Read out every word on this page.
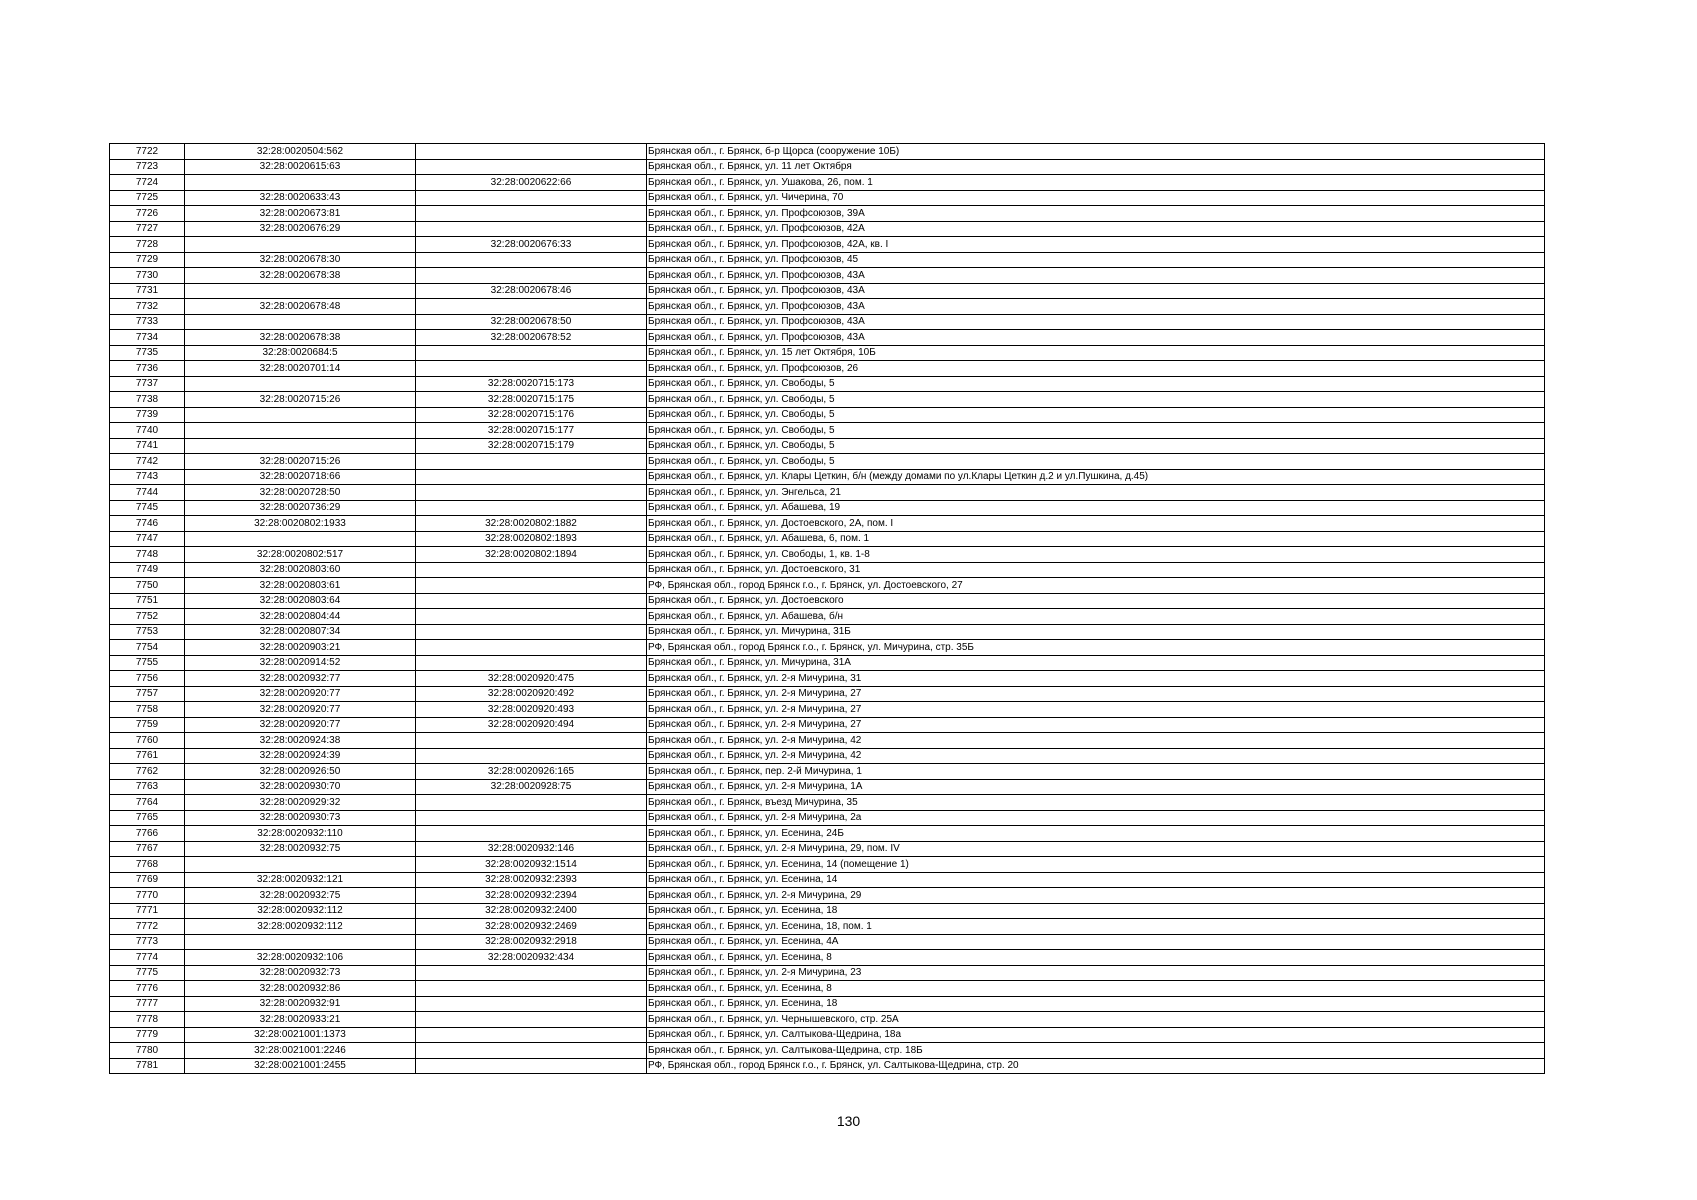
7722	32:28:0020504:562		Брянская обл., г. Брянск, б-р Щорса (сооружение 10Б)
7723	32:28:0020615:63		Брянская обл., г. Брянск, ул. 11 лет Октября
7724		32:28:0020622:66	Брянская обл., г. Брянск, ул. Ушакова, 26, пом. 1
7725	32:28:0020633:43		Брянская обл., г. Брянск, ул. Чичерина, 70
7726	32:28:0020673:81		Брянская обл., г. Брянск, ул. Профсоюзов, 39А
7727	32:28:0020676:29		Брянская обл., г. Брянск, ул. Профсоюзов, 42А
7728		32:28:0020676:33	Брянская обл., г. Брянск, ул. Профсоюзов, 42А, кв. I
7729	32:28:0020678:30		Брянская обл., г. Брянск, ул. Профсоюзов, 45
7730	32:28:0020678:38		Брянская обл., г. Брянск, ул. Профсоюзов, 43А
7731		32:28:0020678:46	Брянская обл., г. Брянск, ул. Профсоюзов, 43А
7732	32:28:0020678:48		Брянская обл., г. Брянск, ул. Профсоюзов, 43А
7733		32:28:0020678:50	Брянская обл., г. Брянск, ул. Профсоюзов, 43А
7734	32:28:0020678:38	32:28:0020678:52	Брянская обл., г. Брянск, ул. Профсоюзов, 43А
7735	32:28:0020684:5		Брянская обл., г. Брянск, ул. 15 лет Октября, 10Б
7736	32:28:0020701:14		Брянская обл., г. Брянск, ул. Профсоюзов, 26
7737		32:28:0020715:173	Брянская обл., г. Брянск, ул. Свободы, 5
7738	32:28:0020715:26	32:28:0020715:175	Брянская обл., г. Брянск, ул. Свободы, 5
7739		32:28:0020715:176	Брянская обл., г. Брянск, ул. Свободы, 5
7740		32:28:0020715:177	Брянская обл., г. Брянск, ул. Свободы, 5
7741		32:28:0020715:179	Брянская обл., г. Брянск, ул. Свободы, 5
7742	32:28:0020715:26		Брянская обл., г. Брянск, ул. Свободы, 5
7743	32:28:0020718:66		Брянская обл., г. Брянск, ул. Клары Цеткин, б/н (между домами по ул.Клары Цеткин д.2 и ул.Пушкина, д.45)
7744	32:28:0020728:50		Брянская обл., г. Брянск, ул. Энгельса, 21
7745	32:28:0020736:29		Брянская обл., г. Брянск, ул. Абашева, 19
7746	32:28:0020802:1933	32:28:0020802:1882	Брянская обл., г. Брянск, ул. Достоевского, 2А, пом. I
7747		32:28:0020802:1893	Брянская обл., г. Брянск, ул. Абашева, 6, пом. 1
7748	32:28:0020802:517	32:28:0020802:1894	Брянская обл., г. Брянск, ул. Свободы, 1, кв. 1-8
7749	32:28:0020803:60		Брянская обл., г. Брянск, ул. Достоевского, 31
7750	32:28:0020803:61		РФ, Брянская обл., город Брянск г.о., г. Брянск, ул. Достоевского, 27
7751	32:28:0020803:64		Брянская обл., г. Брянск, ул. Достоевского
7752	32:28:0020804:44		Брянская обл., г. Брянск, ул. Абашева, б/н
7753	32:28:0020807:34		Брянская обл., г. Брянск, ул. Мичурина, 31Б
7754	32:28:0020903:21		РФ, Брянская обл., город Брянск г.о., г. Брянск, ул. Мичурина, стр. 35Б
7755	32:28:0020914:52		Брянская обл., г. Брянск, ул. Мичурина, 31А
7756	32:28:0020932:77	32:28:0020920:475	Брянская обл., г. Брянск, ул. 2-я Мичурина, 31
7757	32:28:0020920:77	32:28:0020920:492	Брянская обл., г. Брянск, ул. 2-я Мичурина, 27
7758	32:28:0020920:77	32:28:0020920:493	Брянская обл., г. Брянск, ул. 2-я Мичурина, 27
7759	32:28:0020920:77	32:28:0020920:494	Брянская обл., г. Брянск, ул. 2-я Мичурина, 27
7760	32:28:0020924:38		Брянская обл., г. Брянск, ул. 2-я Мичурина, 42
7761	32:28:0020924:39		Брянская обл., г. Брянск, ул. 2-я Мичурина, 42
7762	32:28:0020926:50	32:28:0020926:165	Брянская обл., г. Брянск, пер. 2-й Мичурина, 1
7763	32:28:0020930:70	32:28:0020928:75	Брянская обл., г. Брянск, ул. 2-я Мичурина, 1А
7764	32:28:0020929:32		Брянская обл., г. Брянск, въезд Мичурина, 35
7765	32:28:0020930:73		Брянская обл., г. Брянск, ул. 2-я Мичурина, 2а
7766	32:28:0020932:110		Брянская обл., г. Брянск, ул. Есенина, 24Б
7767	32:28:0020932:75	32:28:0020932:146	Брянская обл., г. Брянск, ул. 2-я Мичурина, 29, пом. IV
7768		32:28:0020932:1514	Брянская обл., г. Брянск, ул. Есенина, 14 (помещение 1)
7769	32:28:0020932:121	32:28:0020932:2393	Брянская обл., г. Брянск, ул. Есенина, 14
7770	32:28:0020932:75	32:28:0020932:2394	Брянская обл., г. Брянск, ул. 2-я Мичурина, 29
7771	32:28:0020932:112	32:28:0020932:2400	Брянская обл., г. Брянск, ул. Есенина, 18
7772	32:28:0020932:112	32:28:0020932:2469	Брянская обл., г. Брянск, ул. Есенина, 18, пом. 1
7773		32:28:0020932:2918	Брянская обл., г. Брянск, ул. Есенина, 4А
7774	32:28:0020932:106	32:28:0020932:434	Брянская обл., г. Брянск, ул. Есенина, 8
7775	32:28:0020932:73		Брянская обл., г. Брянск, ул. 2-я Мичурина, 23
7776	32:28:0020932:86		Брянская обл., г. Брянск, ул. Есенина, 8
7777	32:28:0020932:91		Брянская обл., г. Брянск, ул. Есенина, 18
7778	32:28:0020933:21		Брянская обл., г. Брянск, ул. Чернышевского, стр. 25А
7779	32:28:0021001:1373		Брянская обл., г. Брянск, ул. Салтыкова-Щедрина, 18а
7780	32:28:0021001:2246		Брянская обл., г. Брянск, ул. Салтыкова-Щедрина, стр. 18Б
7781	32:28:0021001:2455		РФ, Брянская обл., город Брянск г.о., г. Брянск, ул. Салтыкова-Щедрина, стр. 20
130
